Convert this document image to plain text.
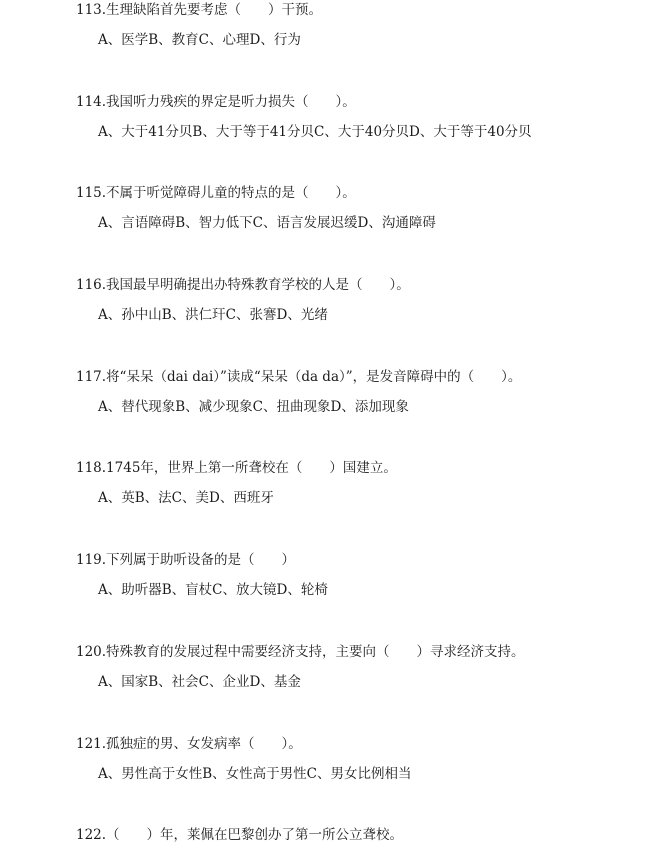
113.生理缺陷首先要考虑（　　）干预。
A、医学B、教育C、心理D、行为
114.我国听力残疾的界定是听力损失（　　）。
A、大于41分贝B、大于等于41分贝C、大于40分贝D、大于等于40分贝
115.不属于听觉障碍儿童的特点的是（　　）。
A、言语障碍B、智力低下C、语言发展迟缓D、沟通障碍
116.我国最早明确提出办特殊教育学校的人是（　　）。
A、孙中山B、洪仁玕C、张謇D、光绪
117.将“呆呆（dai dai）”读成“呆呆（da da）”，是发音障碍中的（　　）。
A、替代现象B、减少现象C、扭曲现象D、添加现象
118.1745年，世界上第一所聋校在（　　）国建立。
A、英B、法C、美D、西班牙
119.下列属于助听设备的是（　　）
A、助听器B、盲杖C、放大镜D、轮椅
120.特殊教育的发展过程中需要经济支持，主要向（　　）寻求经济支持。
A、国家B、社会C、企业D、基金
121.孤独症的男、女发病率（　　）。
A、男性高于女性B、女性高于男性C、男女比例相当
122.（　　）年，莱佩在巴黎创办了第一所公立聋校。
